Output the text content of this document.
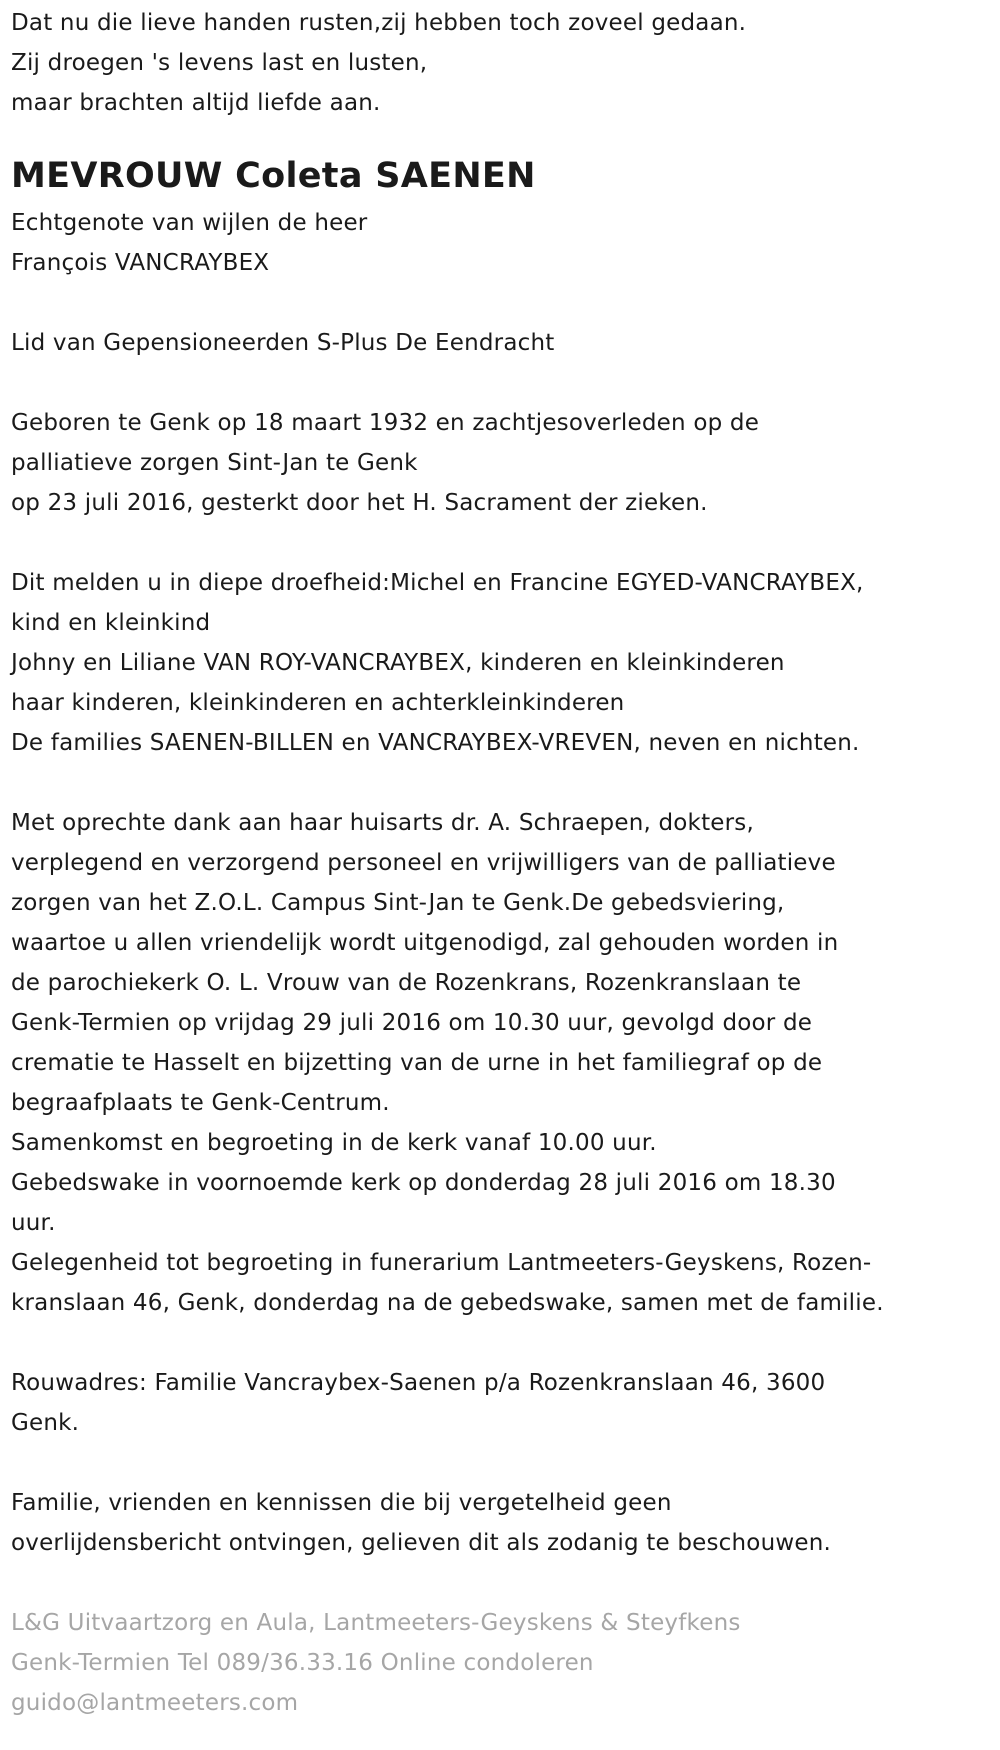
Dat nu die lieve handen rusten,zij hebben toch zoveel gedaan.
Zij droegen 's levens last en lusten,
maar brachten altijd liefde aan.
MEVROUW Coleta SAENEN
Echtgenote van wijlen de heer
François VANCRAYBEX
Lid van Gepensioneerden S-Plus De Eendracht
Geboren te Genk op 18 maart 1932 en zachtjesoverleden op de
palliatieve zorgen Sint-Jan te Genk
op 23 juli 2016, gesterkt door het H. Sacrament der zieken.
Dit melden u in diepe droefheid:Michel en Francine EGYED-VANCRAYBEX,
kind en kleinkind
Johny en Liliane VAN ROY-VANCRAYBEX, kinderen en kleinkinderen
haar kinderen, kleinkinderen en achterkleinkinderen
De families SAENEN-BILLEN en VANCRAYBEX-VREVEN, neven en nichten.
Met oprechte dank aan haar huisarts dr. A. Schraepen, dokters,
verplegend en verzorgend personeel en vrijwilligers van de palliatieve
zorgen van het Z.O.L. Campus Sint-Jan te Genk.De gebedsviering,
waartoe u allen vriendelijk wordt uitgenodigd, zal gehouden worden in
de parochiekerk O. L. Vrouw van de Rozenkrans, Rozenkranslaan te
Genk-Termien op vrijdag 29 juli 2016 om 10.30 uur, gevolgd door de
crematie te Hasselt en bijzetting van de urne in het familiegraf op de
begraafplaats te Genk-Centrum.
Samenkomst en begroeting in de kerk vanaf 10.00 uur.
Gebedswake in voornoemde kerk op donderdag 28 juli 2016 om 18.30
uur.
Gelegenheid tot begroeting in funerarium Lantmeeters-Geyskens, Rozen-
kranslaan 46, Genk, donderdag na de gebedswake, samen met de familie.
Rouwadres: Familie Vancraybex-Saenen p/a Rozenkranslaan 46, 3600
Genk.
Familie, vrienden en kennissen die bij vergetelheid geen
overlijdensbericht ontvingen, gelieven dit als zodanig te beschouwen.
L&G Uitvaartzorg en Aula, Lantmeeters-Geyskens & Steyfkens
Genk-Termien Tel 089/36.33.16 Online condoleren
guido@lantmeeters.com
